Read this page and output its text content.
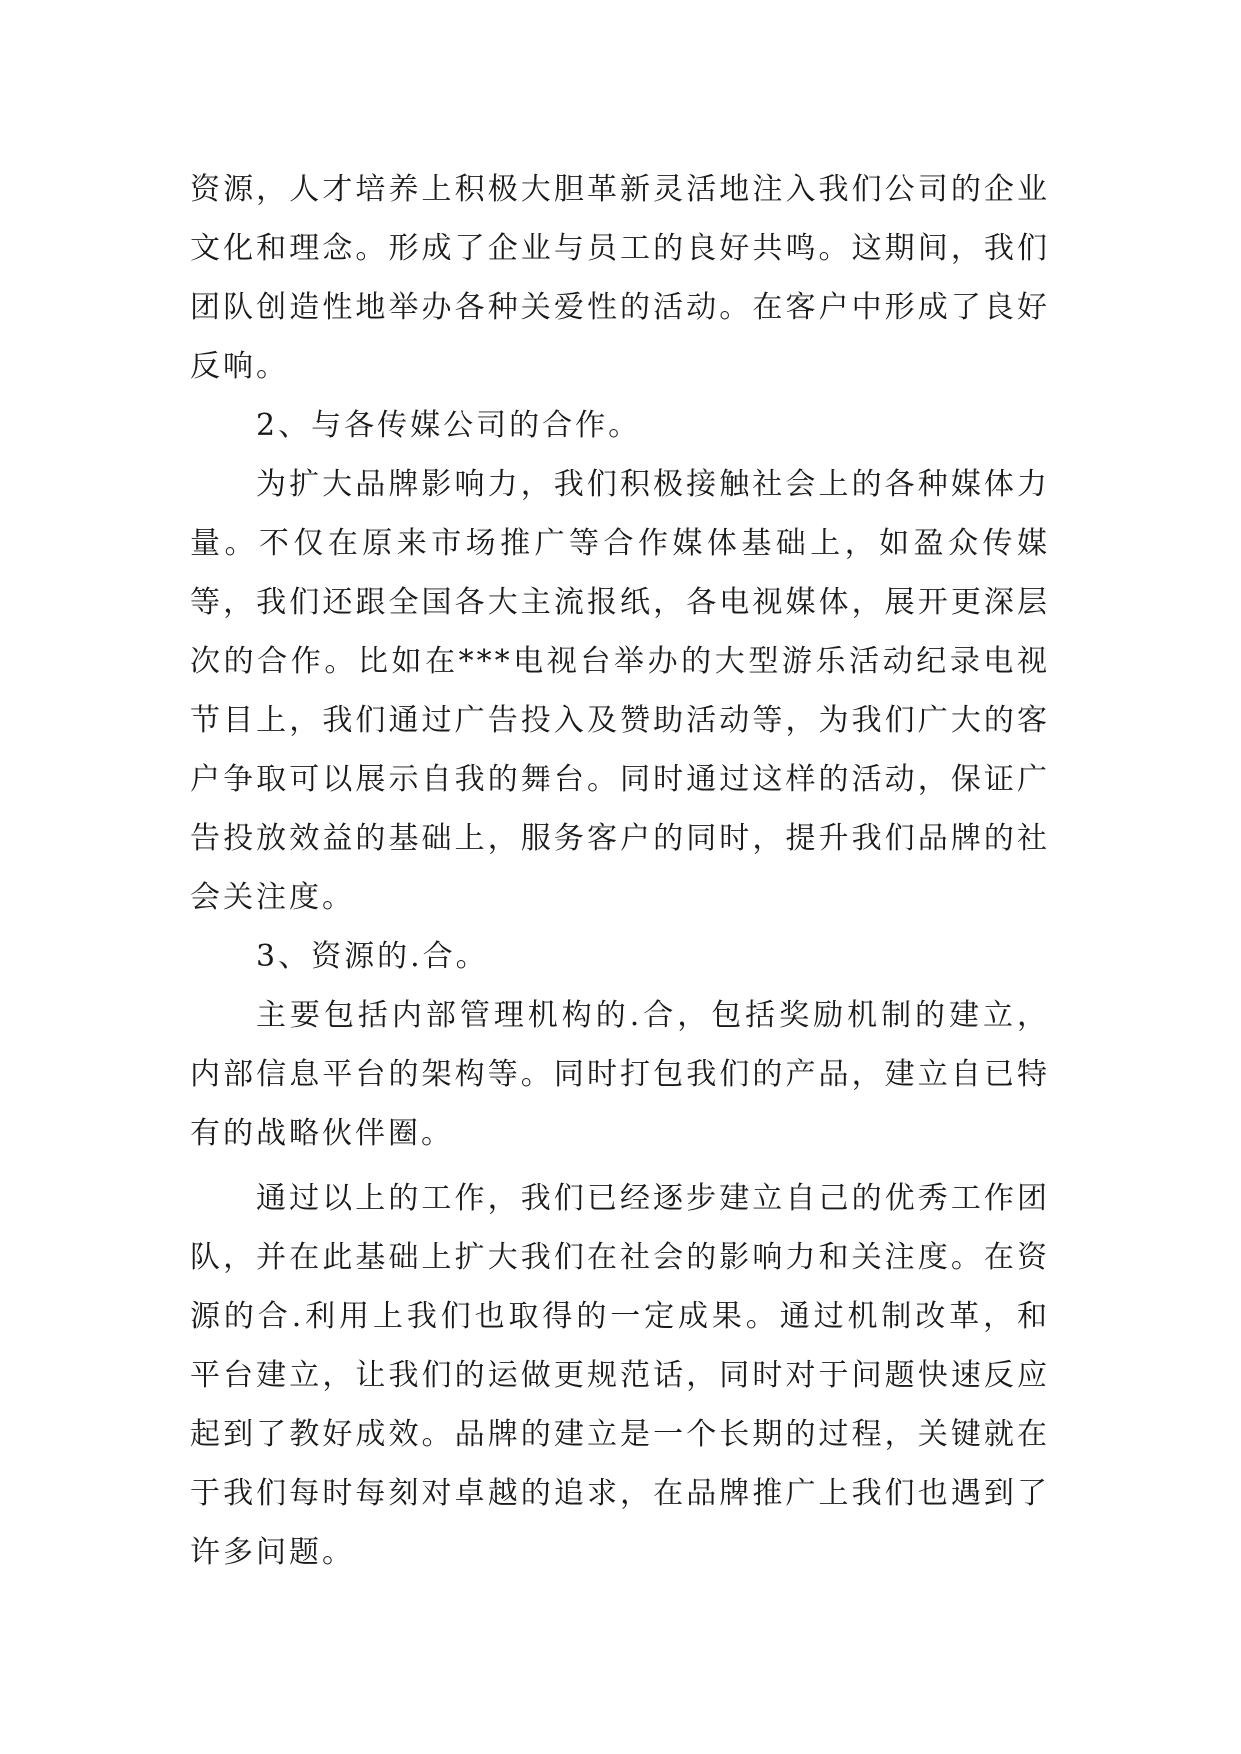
资源，人才培养上积极大胆革新灵活地注入我们公司的企业文化和理念。形成了企业与员工的良好共鸣。这期间，我们团队创造性地举办各种关爱性的活动。在客户中形成了良好反响。

2、与各传媒公司的合作。

为扩大品牌影响力，我们积极接触社会上的各种媒体力量。不仅在原来市场推广等合作媒体基础上，如盈众传媒等，我们还跟全国各大主流报纸，各电视媒体，展开更深层次的合作。比如在***电视台举办的大型游乐活动纪录电视节目上，我们通过广告投入及赞助活动等，为我们广大的客户争取可以展示自我的舞台。同时通过这样的活动，保证广告投放效益的基础上，服务客户的同时，提升我们品牌的社会关注度。

3、资源的.合。

主要包括内部管理机构的.合，包括奖励机制的建立，内部信息平台的架构等。同时打包我们的产品，建立自已特有的战略伙伴圈。

通过以上的工作，我们已经逐步建立自己的优秀工作团队，并在此基础上扩大我们在社会的影响力和关注度。在资源的合.利用上我们也取得的一定成果。通过机制改革，和平台建立，让我们的运做更规范话，同时对于问题快速反应起到了教好成效。品牌的建立是一个长期的过程，关键就在于我们每时每刻对卓越的追求，在品牌推广上我们也遇到了许多问题。
